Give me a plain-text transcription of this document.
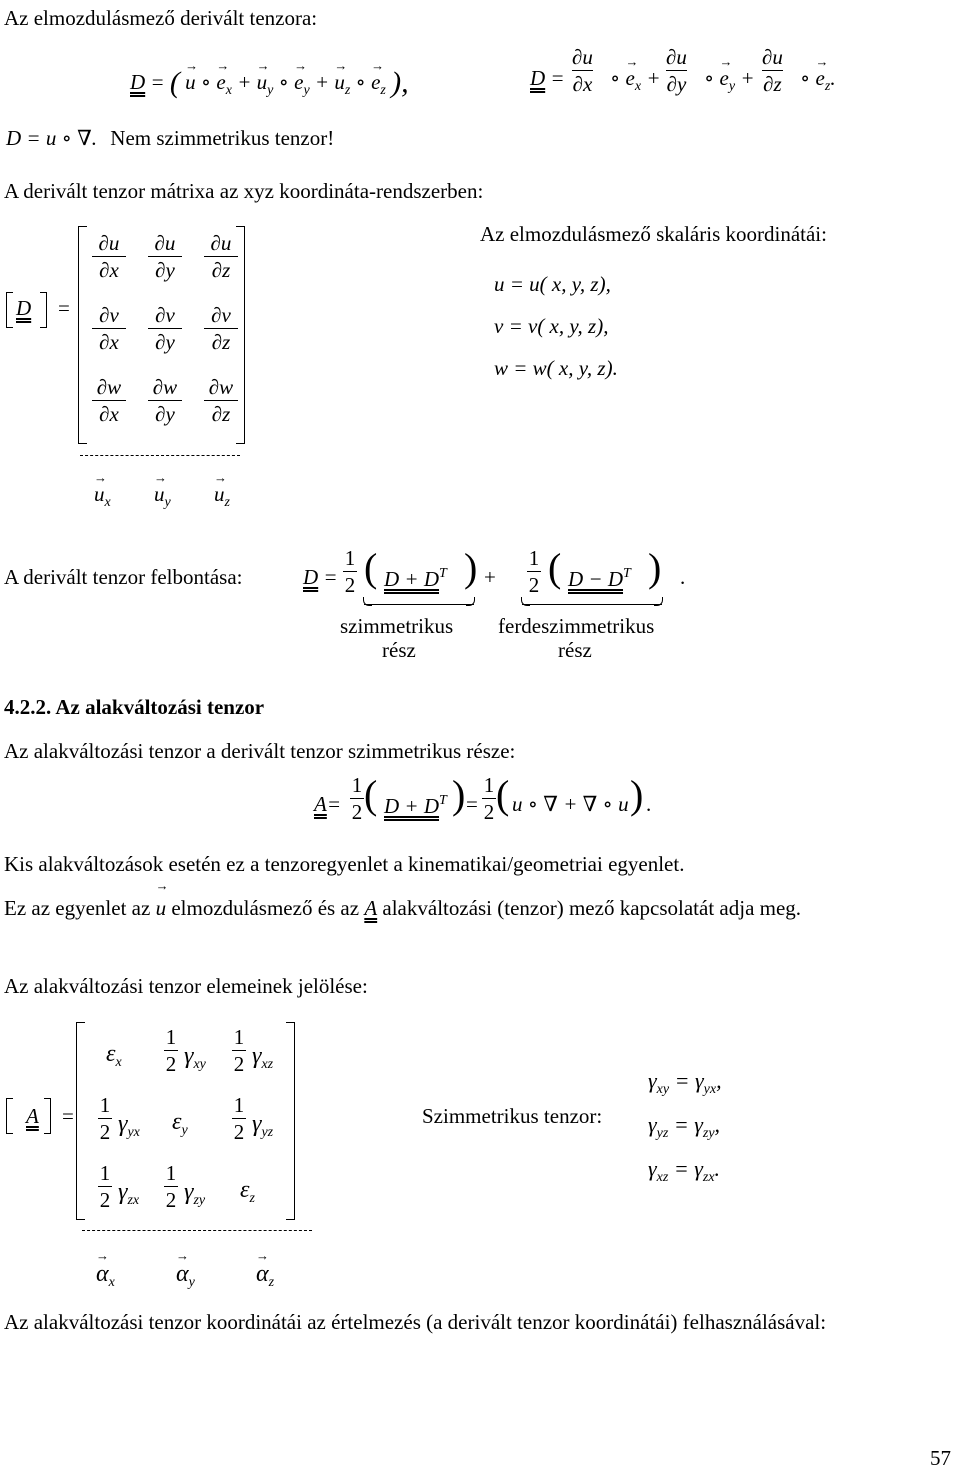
Az elmozdulásmező derivált tenzora:
D = ( → u ∘ → $e_x$ + → $u_y$ ∘ → $e_y$ + → $u_z$ ∘ → $e_z$ ),	D =
∂u
∂x ∘ → $e_x$ +
∂u
∂y ∘ → $e_y$ +
∂u
∂z ∘ → $e_z$.
D = u ∘ ∇. Nem szimmetrikus tenzor!
A derivált tenzor mátrixa az xyz koordináta-rendszerben:
D =
∂u
∂x
∂u
∂y
∂u
∂z
∂v
∂x
∂v
∂y
∂v
∂z
∂w
∂x
∂w
∂y
∂w
∂z
→ $u_x$
→ $u_y$
→ $u_z$
Az elmozdulásmező skaláris koordinátái:
u = u( x, y, z),
v = v( x, y, z),
w = w( x, y, z).
A derivált tenzor felbontása:	D =
1
2 ( $D + D^T$ ) +
1
2 ( $D - D^T$ ) .
szimmetrikus
rész
ferdeszimmetrikus
rész
4.2.2. Az alakváltozási tenzor
Az alakváltozási tenzor a derivált tenzor szimmetrikus része:
A=
1
2 ( $D + D^T$ ) =
1
2 ( u ∘ ∇ + ∇ ∘ u ) .
Kis alakváltozások esetén ez a tenzoregyenlet a kinematikai/geometriai egyenlet.
Ez az egyenlet az → u elmozdulásmező és az A alakváltozási (tenzor) mező kapcsolatát adja meg.
Az alakváltozási tenzor elemeinek jelölése:
A =
$\varepsilon_x$
1
2 $\gamma_{xy}$
1
2 $\gamma_{xz}$
1
2 $\gamma_{yx}$ $\varepsilon_y$
1
2 $\gamma_{yz}$
1
2 $\gamma_{zx}$
1
2 $\gamma_{zy}$ $\varepsilon_z$
→ $\alpha_x$
→	$\alpha_y$
→	$\alpha_z$
Szimmetrikus tenzor:
$\gamma_{xy} = \gamma_{yx}$,
$\gamma_{yz} = \gamma_{zy}$,
$\gamma_{xz} = \gamma_{zx}$.
Az alakváltozási tenzor koordinátái az értelmezés (a derivált tenzor koordinátái) felhasználásával:
57
